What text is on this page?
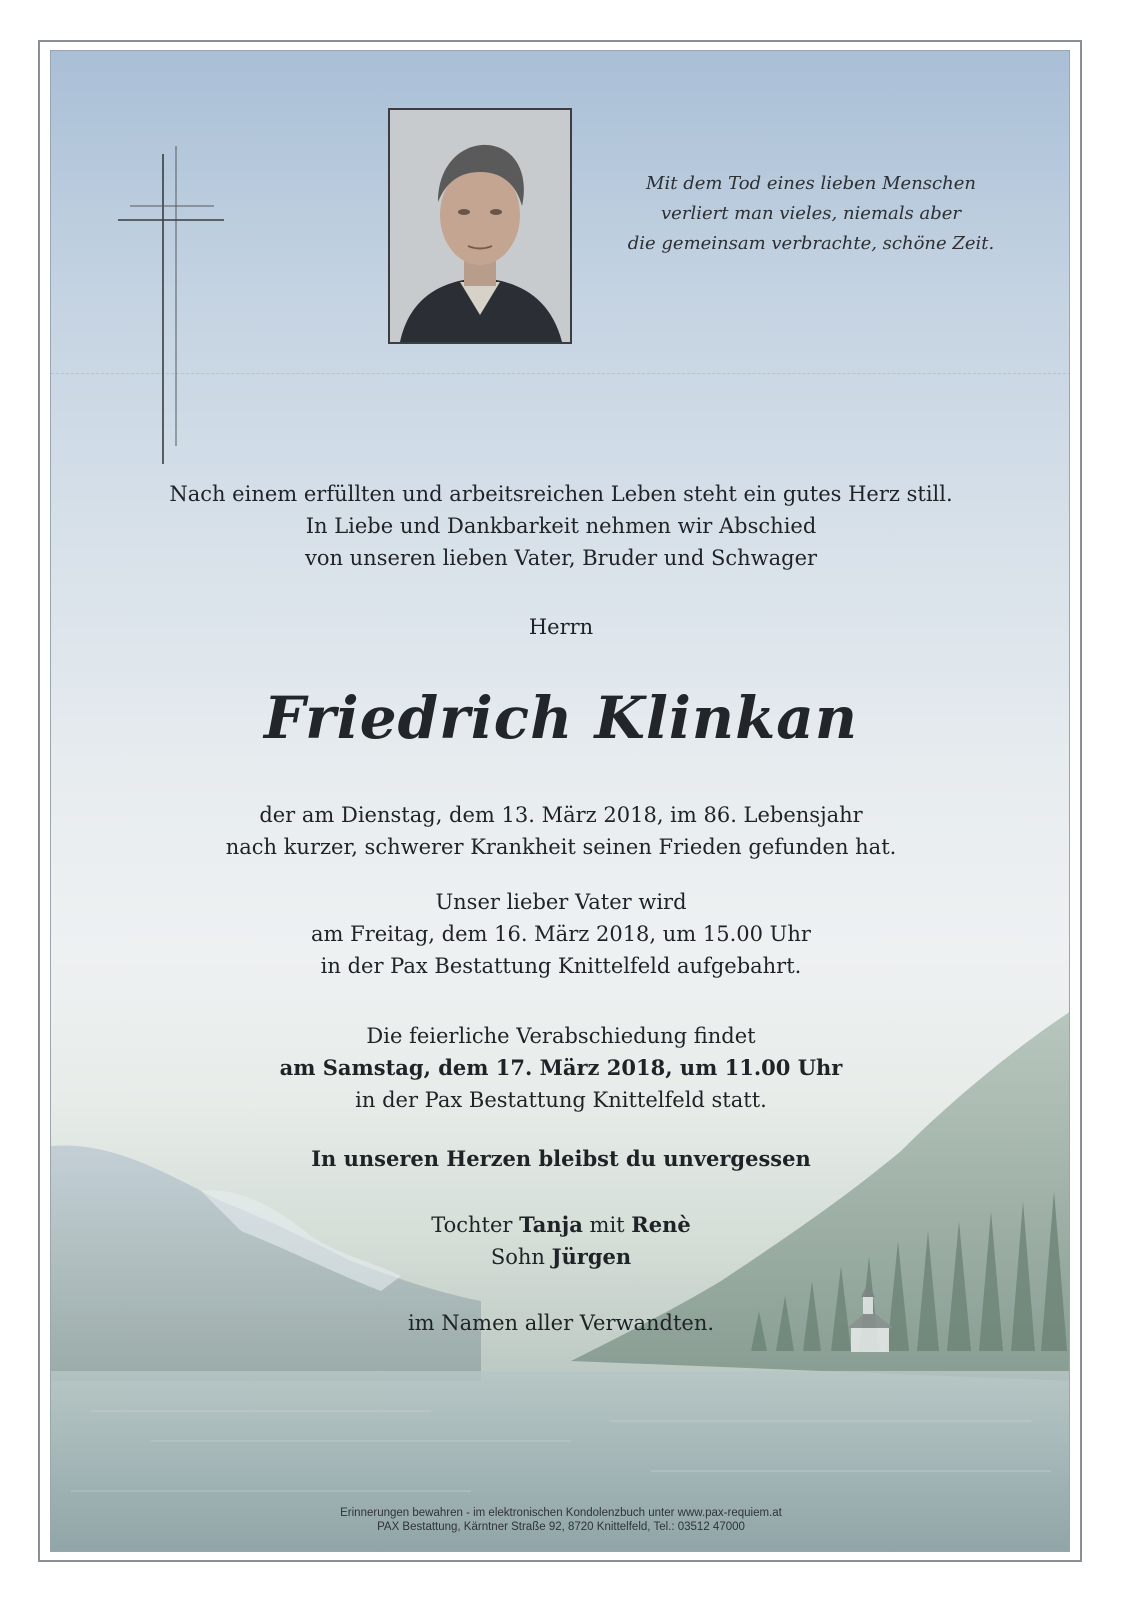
Mit dem Tod eines lieben Menschen
verliert man vieles, niemals aber
die gemeinsam verbrachte, schöne Zeit.
Nach einem erfüllten und arbeitsreichen Leben steht ein gutes Herz still.
In Liebe und Dankbarkeit nehmen wir Abschied
von unseren lieben Vater, Bruder und Schwager
Herrn
Friedrich Klinkan
der am Dienstag, dem 13. März 2018, im 86. Lebensjahr
nach kurzer, schwerer Krankheit seinen Frieden gefunden hat.
Unser lieber Vater wird
am Freitag, dem 16. März 2018, um 15.00 Uhr
in der Pax Bestattung Knittelfeld aufgebahrt.
Die feierliche Verabschiedung findet
am Samstag, dem 17. März 2018, um 11.00 Uhr
in der Pax Bestattung Knittelfeld statt.
In unseren Herzen bleibst du unvergessen
Tochter Tanja mit Renè
Sohn Jürgen
im Namen aller Verwandten.
Erinnerungen bewahren - im elektronischen Kondolenzbuch unter www.pax-requiem.at
PAX Bestattung, Kärntner Straße 92, 8720 Knittelfeld, Tel.: 03512 47000
